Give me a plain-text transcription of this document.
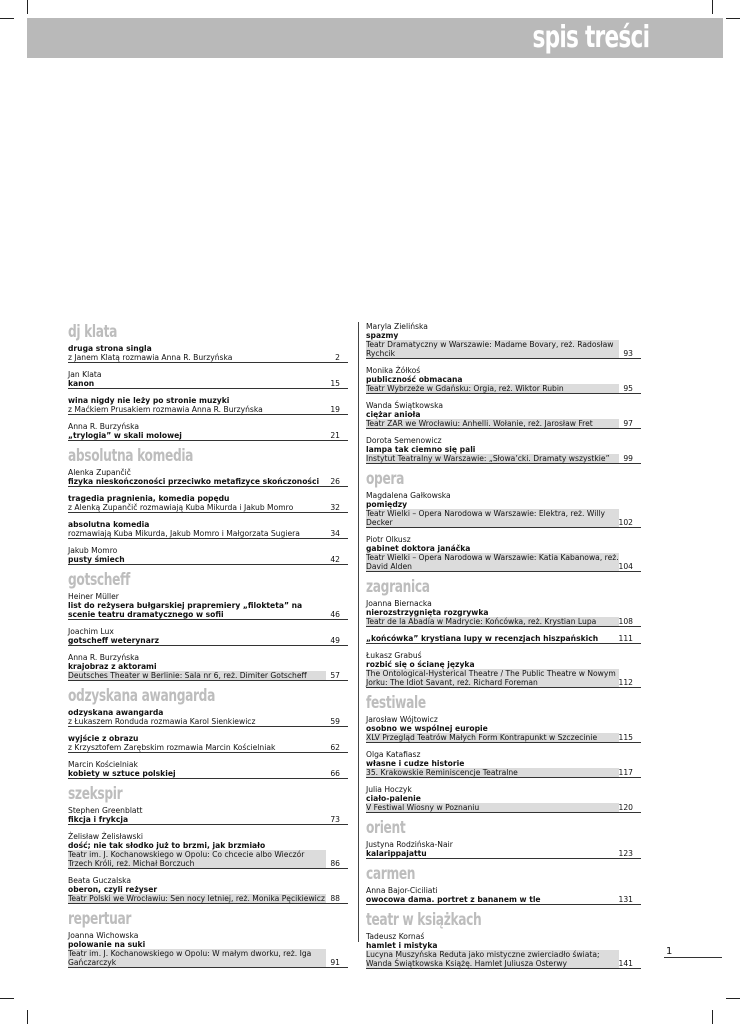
spis treści
dj klata
druga strona singla
z Janem Klatą rozmawia Anna R. Burzyńska	2
Jan Klata
kanon	15
wina nigdy nie leży po stronie muzyki
z Maćkiem Prusakiem rozmawia Anna R. Burzyńska	19
Anna R. Burzyńska
„trylogia” w skali molowej	21
absolutna komedia
Alenka Zupančič
fizyka nieskończoności przeciwko metafizyce skończoności	26
tragedia pragnienia, komedia popędu
z Alenką Zupančič rozmawiają Kuba Mikurda i Jakub Momro	32
absolutna komedia
rozmawiają Kuba Mikurda, Jakub Momro i Małgorzata Sugiera	34
Jakub Momro
pusty śmiech	42
gotscheff
Heiner Müller
list do reżysera bułgarskiej prapremiery „filokteta” na scenie teatru dramatycznego w sofii	46
Joachim Lux
gotscheff weterynarz	49
Anna R. Burzyńska
krajobraz z aktorami
Deutsches Theater w Berlinie: Sala nr 6, reż. Dimiter Gotscheff	57
odzyskana awangarda
odzyskana awangarda
z Łukaszem Ronduda rozmawia Karol Sienkiewicz	59
wyjście z obrazu
z Krzysztofem Zarębskim rozmawia Marcin Kościelniak	62
Marcin Kościelniak
kobiety w sztuce polskiej	66
szekspir
Stephen Greenblatt
fikcja i frykcja	73
Żelisław Żelisławski
dość; nie tak słodko już to brzmi, jak brzmiało
Teatr im. J. Kochanowskiego w Opolu: Co chcecie albo Wieczór Trzech Króli, reż. Michał Borczuch	86
Beata Guczalska
oberon, czyli reżyser
Teatr Polski we Wrocławiu: Sen nocy letniej, reż. Monika Pęcikiewicz 88
repertuar
Joanna Wichowska
polowanie na suki
Teatr im. J. Kochanowskiego w Opolu: W małym dworku, reż. Iga Gańczarczyk	91
Maryla Zielińska
spazmy
Teatr Dramatyczny w Warszawie: Madame Bovary, reż. Radosław Rychcik	93
Monika Żółkoś
publiczność obmacana
Teatr Wybrzeże w Gdańsku: Orgia, reż. Wiktor Rubin	95
Wanda Świątkowska
ciężar anioła
Teatr ZAR we Wrocławiu: Anhelli. Wołanie, reż. Jarosław Fret	97
Dorota Semenowicz
lampa tak ciemno się pali
Instytut Teatralny w Warszawie: „Słowa’cki. Dramaty wszystkie”	99
opera
Magdalena Gałkowska
pomiędzy
Teatr Wielki – Opera Narodowa w Warszawie: Elektra, reż. Willy Decker	102
Piotr Olkusz
gabinet doktora janáčka
Teatr Wielki – Opera Narodowa w Warszawie: Katia Kabanowa, reż. David Alden	104
zagranica
Joanna Biernacka
nierozstrzygnięta rozgrywka
Teatr de la Abadía w Madrycie: Końcówka, reż. Krystian Lupa	108
„końcówka” krystiana lupy w recenzjach hiszpańskich	111
Łukasz Grabuś
rozbić się o ścianę języka
The Ontological-Hysterical Theatre / The Public Theatre w Nowym Jorku: The Idiot Savant, reż. Richard Foreman	112
festiwale
Jarosław Wójtowicz
osobno we wspólnej europie
XLV Przegląd Teatrów Małych Form Kontrapunkt w Szczecinie	115
Olga Katafiasz
własne i cudze historie
35. Krakowskie Reminiscencje Teatralne	117
Julia Hoczyk
ciało-palenie
V Festiwal Wiosny w Poznaniu	120
orient
Justyna Rodzińska-Nair
kalarippajattu	123
carmen
Anna Bajor-Ciciliati
owocowa dama. portret z bananem w tle	131
teatr w książkach
Tadeusz Kornaś
hamlet i mistyka
Lucyna Muszyńska Reduta jako mistyczne zwierciadło świata; Wanda Świątkowska Książę. Hamlet Juliusza Osterwy	141
1
